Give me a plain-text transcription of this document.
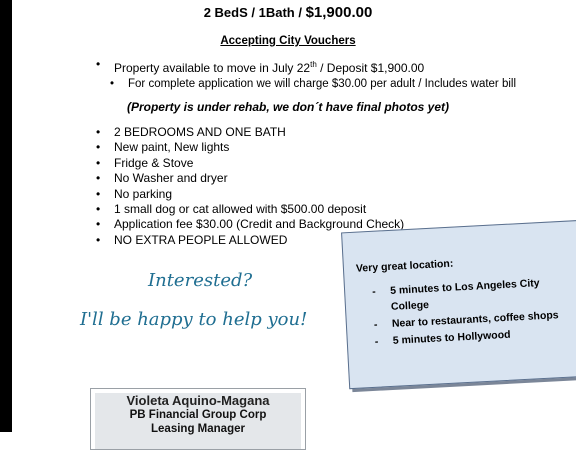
2 BedS / 1Bath / $1,900.00
Accepting City Vouchers
• Property available to move in July 22th / Deposit $1,900.00
• For complete application we will charge $30.00 per adult / Includes water bill
(Property is under rehab, we don´t have final photos yet)
• 2 BEDROOMS AND ONE BATH
• New paint, New lights
• Fridge & Stove
• No Washer and dryer
• No parking
• 1 small dog or cat allowed with $500.00 deposit
• Application fee $30.00 (Credit and Background Check)
• NO EXTRA PEOPLE ALLOWED
Interested?
I'll be happy to help you!
Very great location:
- 5 minutes to Los Angeles City College
- Near to restaurants, coffee shops
- 5 minutes to Hollywood
Violeta Aquino-Magana
PB Financial Group Corp
Leasing Manager
